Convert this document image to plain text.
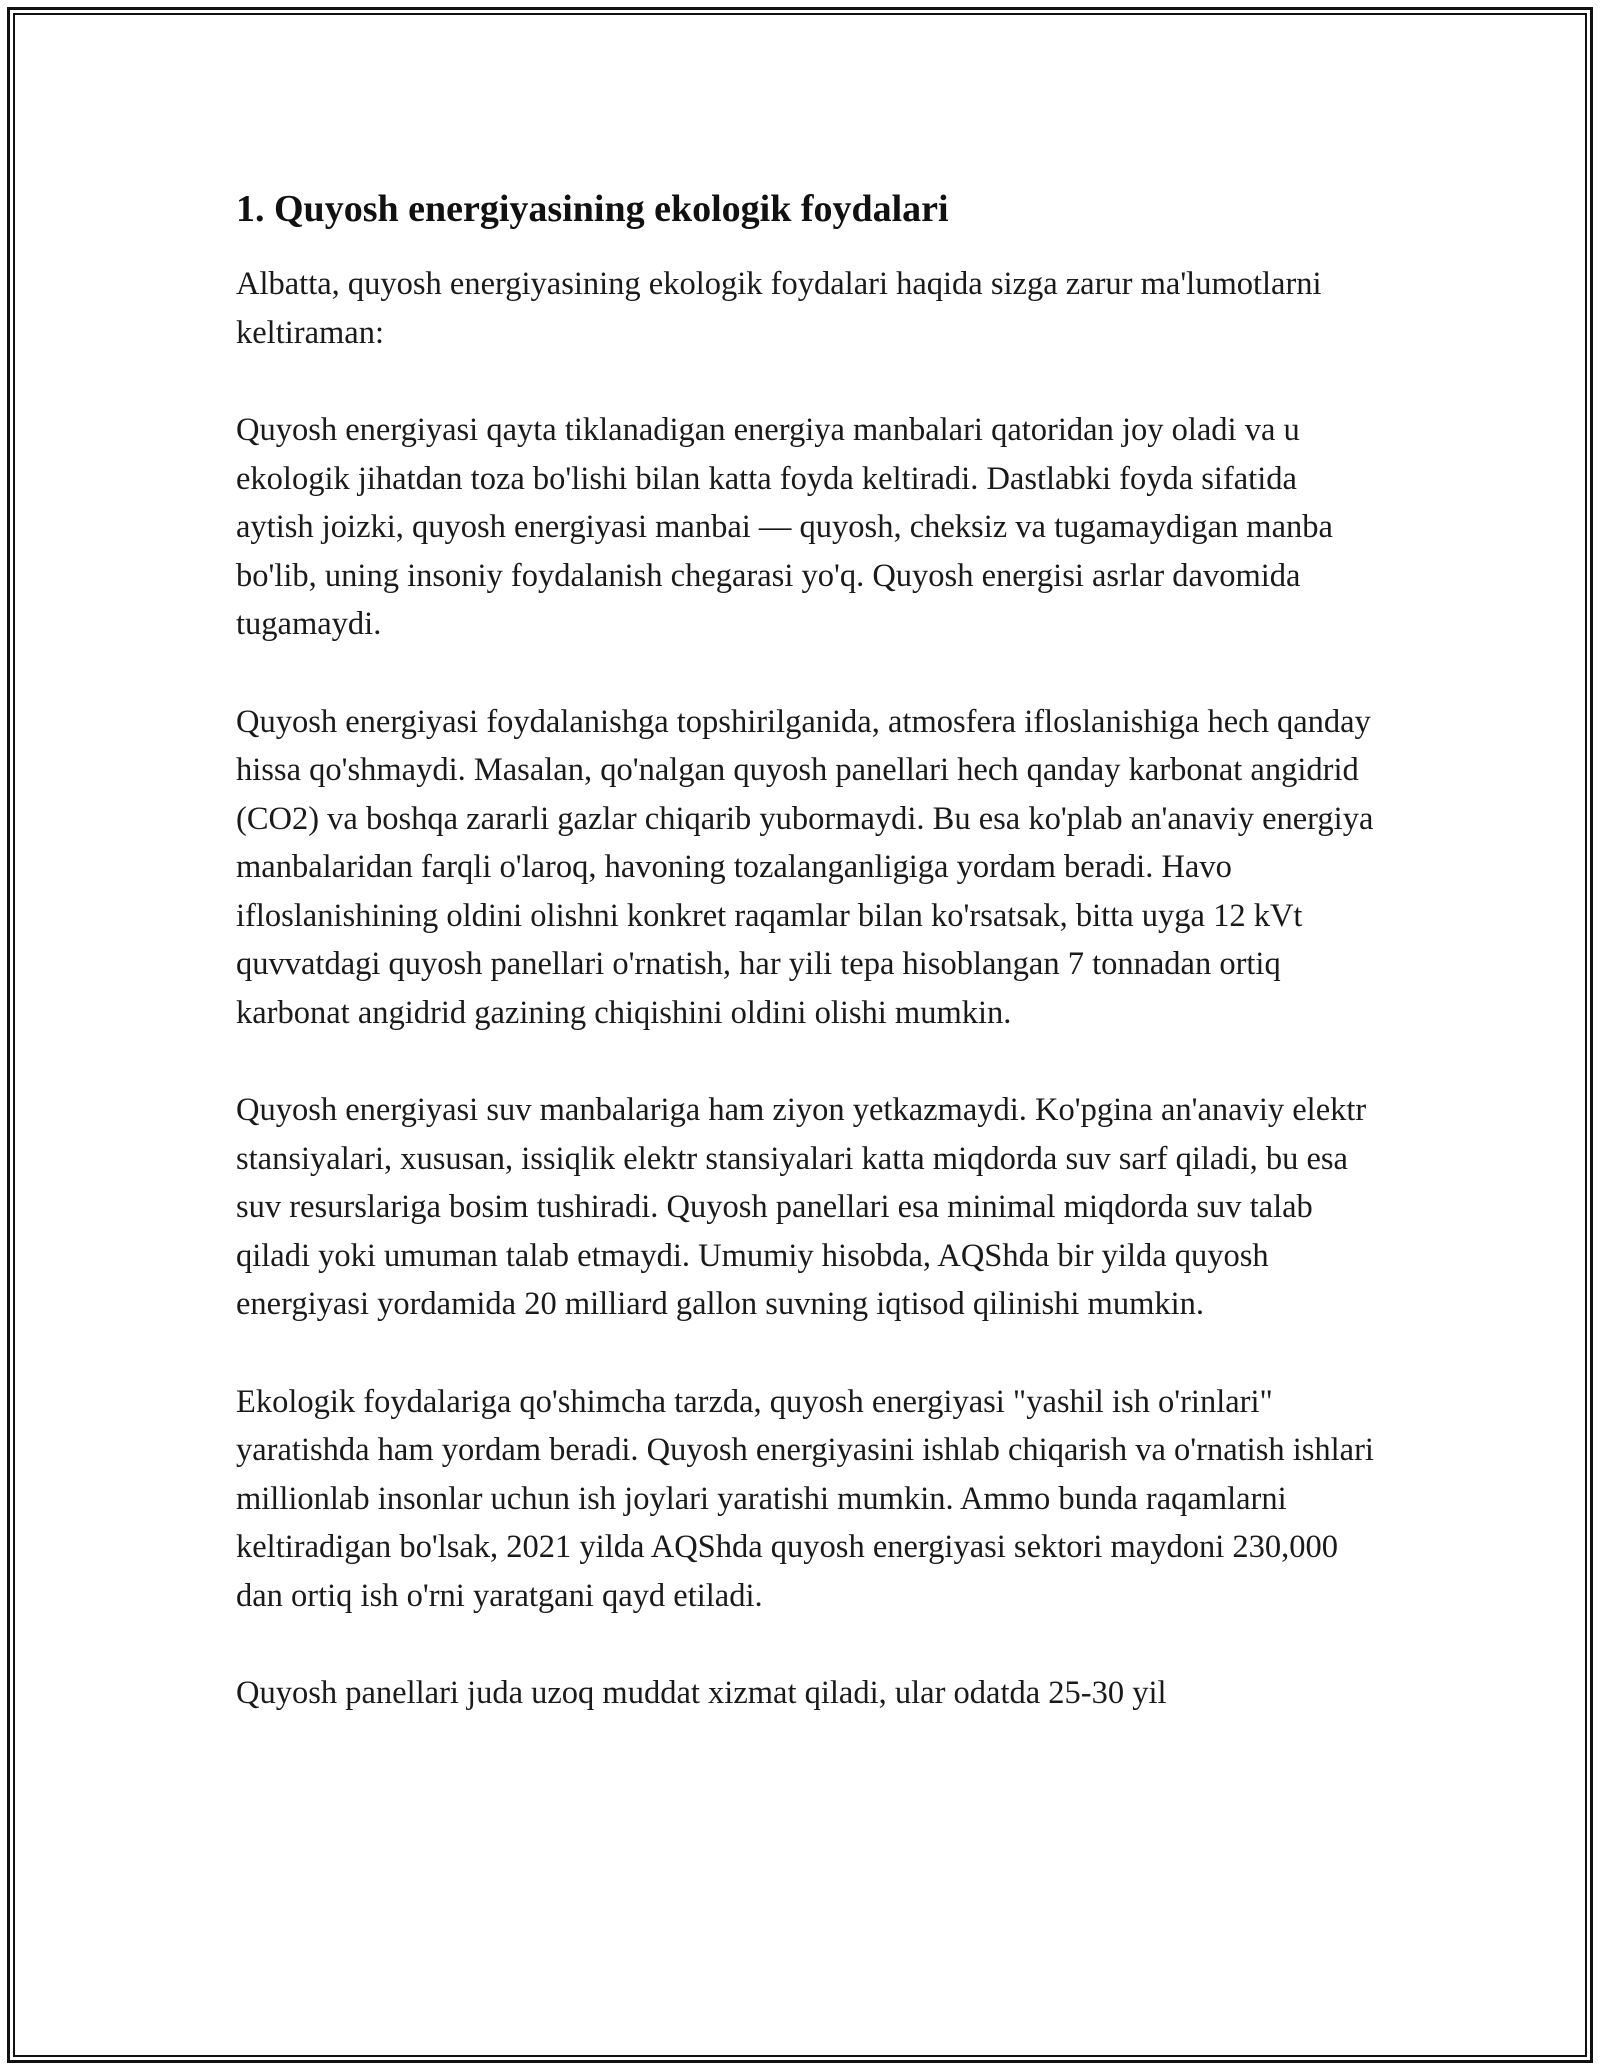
1. Quyosh energiyasining ekologik foydalari

Albatta, quyosh energiyasining ekologik foydalari haqida sizga zarur ma'lumotlarni keltiraman:

Quyosh energiyasi qayta tiklanadigan energiya manbalari qatoridan joy oladi va u ekologik jihatdan toza bo'lishi bilan katta foyda keltiradi. Dastlabki foyda sifatida aytish joizki, quyosh energiyasi manbai — quyosh, cheksiz va tugamaydigan manba bo'lib, uning insoniy foydalanish chegarasi yo'q. Quyosh energisi asrlar davomida tugamaydi.

Quyosh energiyasi foydalanishga topshirilganida, atmosfera ifloslanishiga hech qanday hissa qo'shmaydi. Masalan, qo'nalgan quyosh panellari hech qanday karbonat angidrid (CO2) va boshqa zararli gazlar chiqarib yubormaydi. Bu esa ko'plab an'anaviy energiya manbalaridan farqli o'laroq, havoning tozalanganligiga yordam beradi. Havo ifloslanishining oldini olishni konkret raqamlar bilan ko'rsatsak, bitta uyga 12 kVt quvvatdagi quyosh panellari o'rnatish, har yili tepa hisoblangan 7 tonnadan ortiq karbonat angidrid gazining chiqishini oldini olishi mumkin.

Quyosh energiyasi suv manbalariga ham ziyon yetkazmaydi. Ko'pgina an'anaviy elektr stansiyalari, xususan, issiqlik elektr stansiyalari katta miqdorda suv sarf qiladi, bu esa suv resurslariga bosim tushiradi. Quyosh panellari esa minimal miqdorda suv talab qiladi yoki umuman talab etmaydi. Umumiy hisobda, AQShda bir yilda quyosh energiyasi yordamida 20 milliard gallon suvning iqtisod qilinishi mumkin.

Ekologik foydalariga qo'shimcha tarzda, quyosh energiyasi "yashil ish o'rinlari" yaratishda ham yordam beradi. Quyosh energiyasini ishlab chiqarish va o'rnatish ishlari millionlab insonlar uchun ish joylari yaratishi mumkin. Ammo bunda raqamlarni keltiradigan bo'lsak, 2021 yilda AQShda quyosh energiyasi sektori maydoni 230,000 dan ortiq ish o'rni yaratgani qayd etiladi.

Quyosh panellari juda uzoq muddat xizmat qiladi, ular odatda 25-30 yil
